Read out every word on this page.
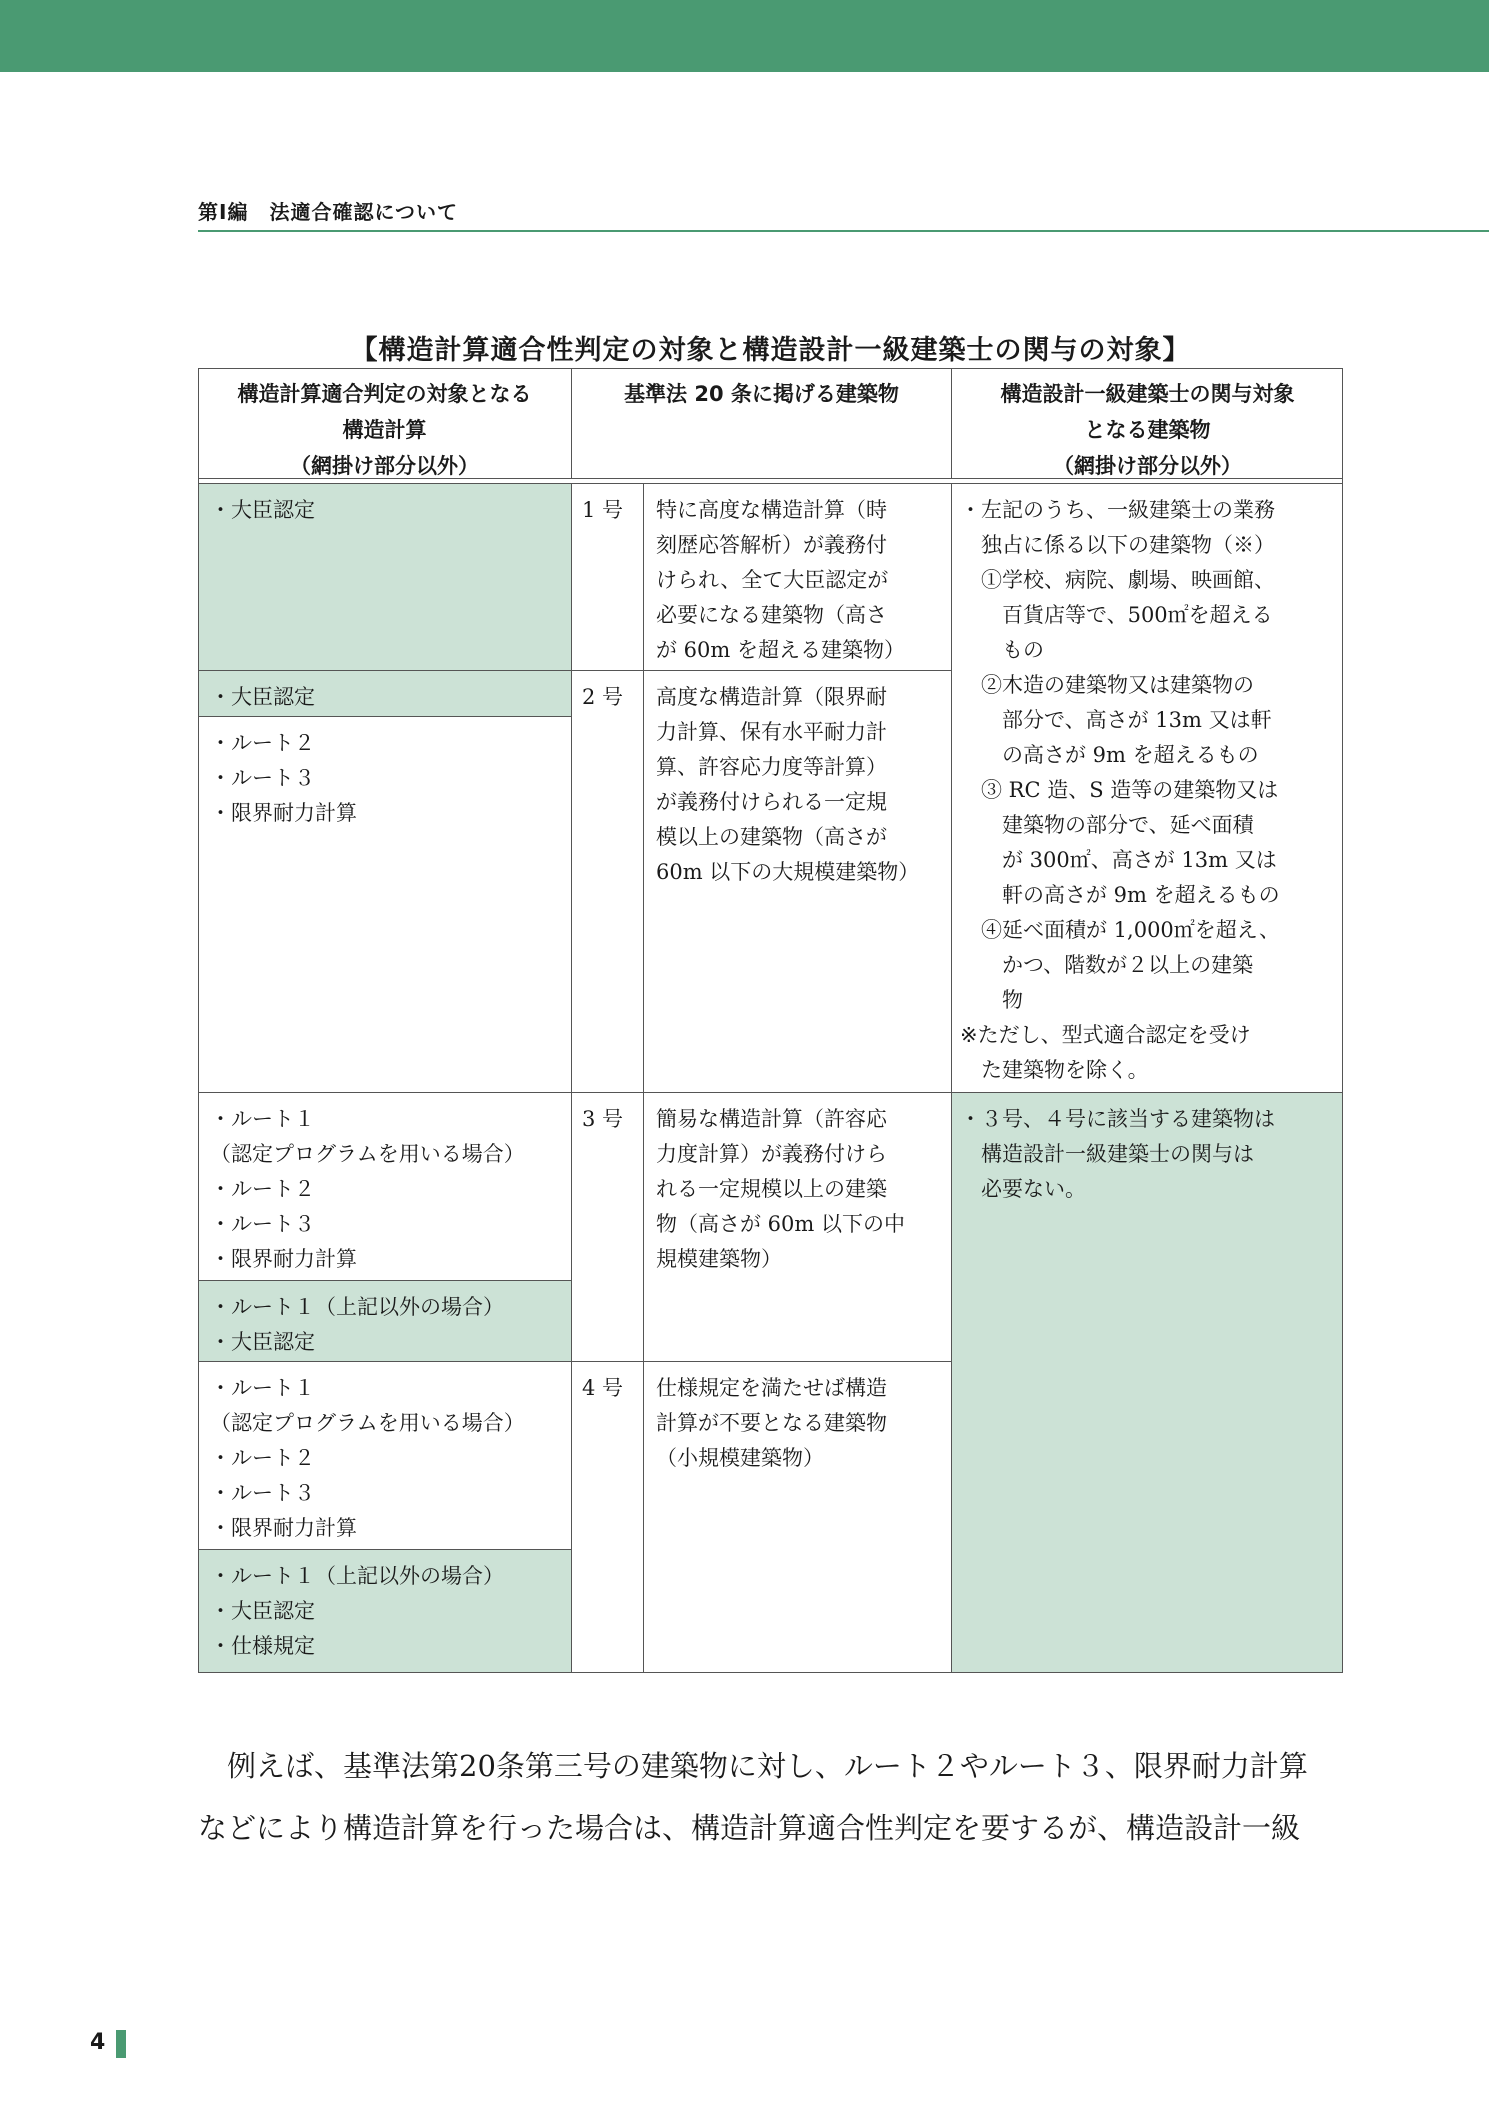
第Ⅰ編　法適合確認について
【構造計算適合性判定の対象と構造設計一級建築士の関与の対象】
構造計算適合判定の対象となる
構造計算
（網掛け部分以外）
基準法 20 条に掲げる建築物	構造設計一級建築士の関与対象
となる建築物
（網掛け部分以外）
・大臣認定
・大臣認定
・ルート２
・ルート３
・限界耐力計算
・ルート１
（認定プログラムを用いる場合）
・ルート２
・ルート３
・限界耐力計算
・ルート１（上記以外の場合）
・大臣認定
・ルート１
（認定プログラムを用いる場合）
・ルート２
・ルート３
・限界耐力計算
・ルート１（上記以外の場合）
・大臣認定
・仕様規定
1 号
2 号
3 号
4 号
特に高度な構造計算（時
刻歴応答解析）が義務付
けられ、全て大臣認定が
必要になる建築物（高さ
が 60m を超える建築物）
高度な構造計算（限界耐
力計算、保有水平耐力計
算、許容応力度等計算）
が義務付けられる一定規
模以上の建築物（高さが
60m 以下の大規模建築物）
簡易な構造計算（許容応
力度計算）が義務付けら
れる一定規模以上の建築
物（高さが 60m 以下の中
規模建築物）
仕様規定を満たせば構造
計算が不要となる建築物
（小規模建築物）
・左記のうち、一級建築士の業務
　独占に係る以下の建築物（※）
　①学校、病院、劇場、映画館、
　　百貨店等で、500㎡を超える
　　もの
　②木造の建築物又は建築物の
　　部分で、高さが 13m 又は軒
　　の高さが 9m を超えるもの
　③ RC 造、S 造等の建築物又は
　　建築物の部分で、延べ面積
　　が 300㎡、高さが 13m 又は
　　軒の高さが 9m を超えるもの
　④延べ面積が 1,000㎡を超え、
　　かつ、階数が２以上の建築
　　物
※ただし、型式適合認定を受け
　た建築物を除く。
・３号、４号に該当する建築物は
　構造設計一級建築士の関与は
　必要ない。

　例えば、基準法第20条第三号の建築物に対し、ルート２やルート３、限界耐力計算

などにより構造計算を行った場合は、構造計算適合性判定を要するが、構造設計一級

4
